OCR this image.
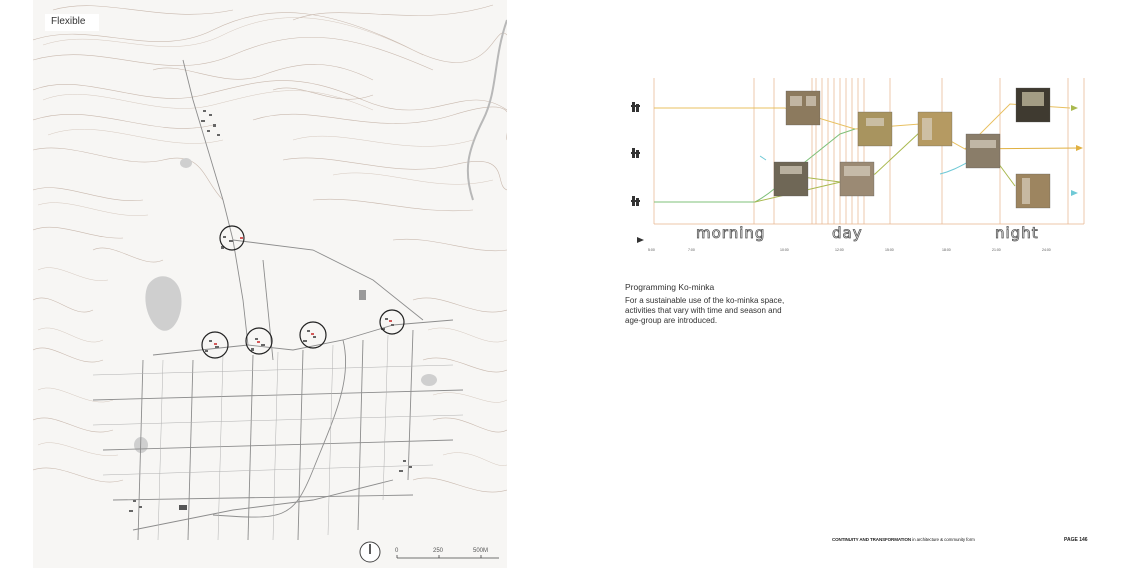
Flexible
0	250	500M
morning	day	night
5:00	7:00	10:00	12:00	15:00	18:00	21:00	24:00
Programming Ko-minka
For a sustainable use of the ko-minka space, activities that vary with time and season and age-group are introduced.
CONTINUITY AND TRANSFORMATION in architecture & community form	PAGE 146
